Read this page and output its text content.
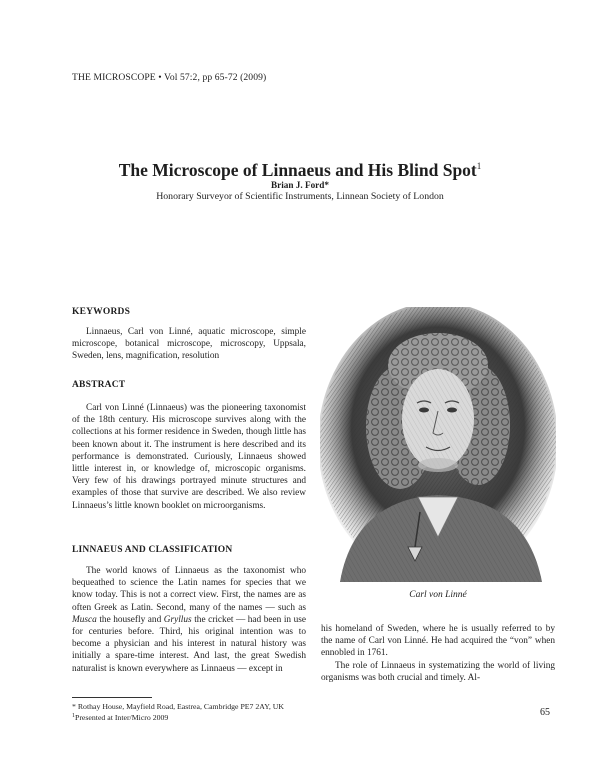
THE MICROSCOPE • Vol 57:2, pp 65-72 (2009)
The Microscope of Linnaeus and His Blind Spot$^1$
Brian J. Ford*
Honorary Surveyor of Scientific Instruments, Linnean Society of London
KEYWORDS
Linnaeus, Carl von Linné, aquatic microscope, simple microscope, botanical microscope, microscopy, Uppsala, Sweden, lens, magnification, resolution
ABSTRACT
Carl von Linné (Linnaeus) was the pioneering taxonomist of the 18th century. His microscope survives along with the collections at his former residence in Sweden, though little has been known about it. The instrument is here described and its performance is demonstrated. Curiously, Linnaeus showed little interest in, or knowledge of, microscopic organisms. Very few of his drawings portrayed minute structures and examples of those that survive are described. We also review Linnaeus’s little known booklet on microorganisms.
LINNAEUS AND CLASSIFICATION
The world knows of Linnaeus as the taxonomist who bequeathed to science the Latin names for species that we know today. This is not a correct view. First, the names are as often Greek as Latin. Second, many of the names — such as Musca the housefly and Gryllus the cricket — had been in use for centuries before. Third, his original intention was to become a physician and his interest in natural history was initially a spare-time interest. And last, the great Swedish naturalist is known everywhere as Linnaeus — except in
Carl von Linné
his homeland of Sweden, where he is usually referred to by the name of Carl von Linné. He had acquired the “von” when ennobled in 1761.
The role of Linnaeus in systematizing the world of living organisms was both crucial and timely. Al-
* Rothay House, Mayfield Road, Eastrea, Cambridge PE7 2AY, UK
$^1$Presented at Inter/Micro 2009	65
